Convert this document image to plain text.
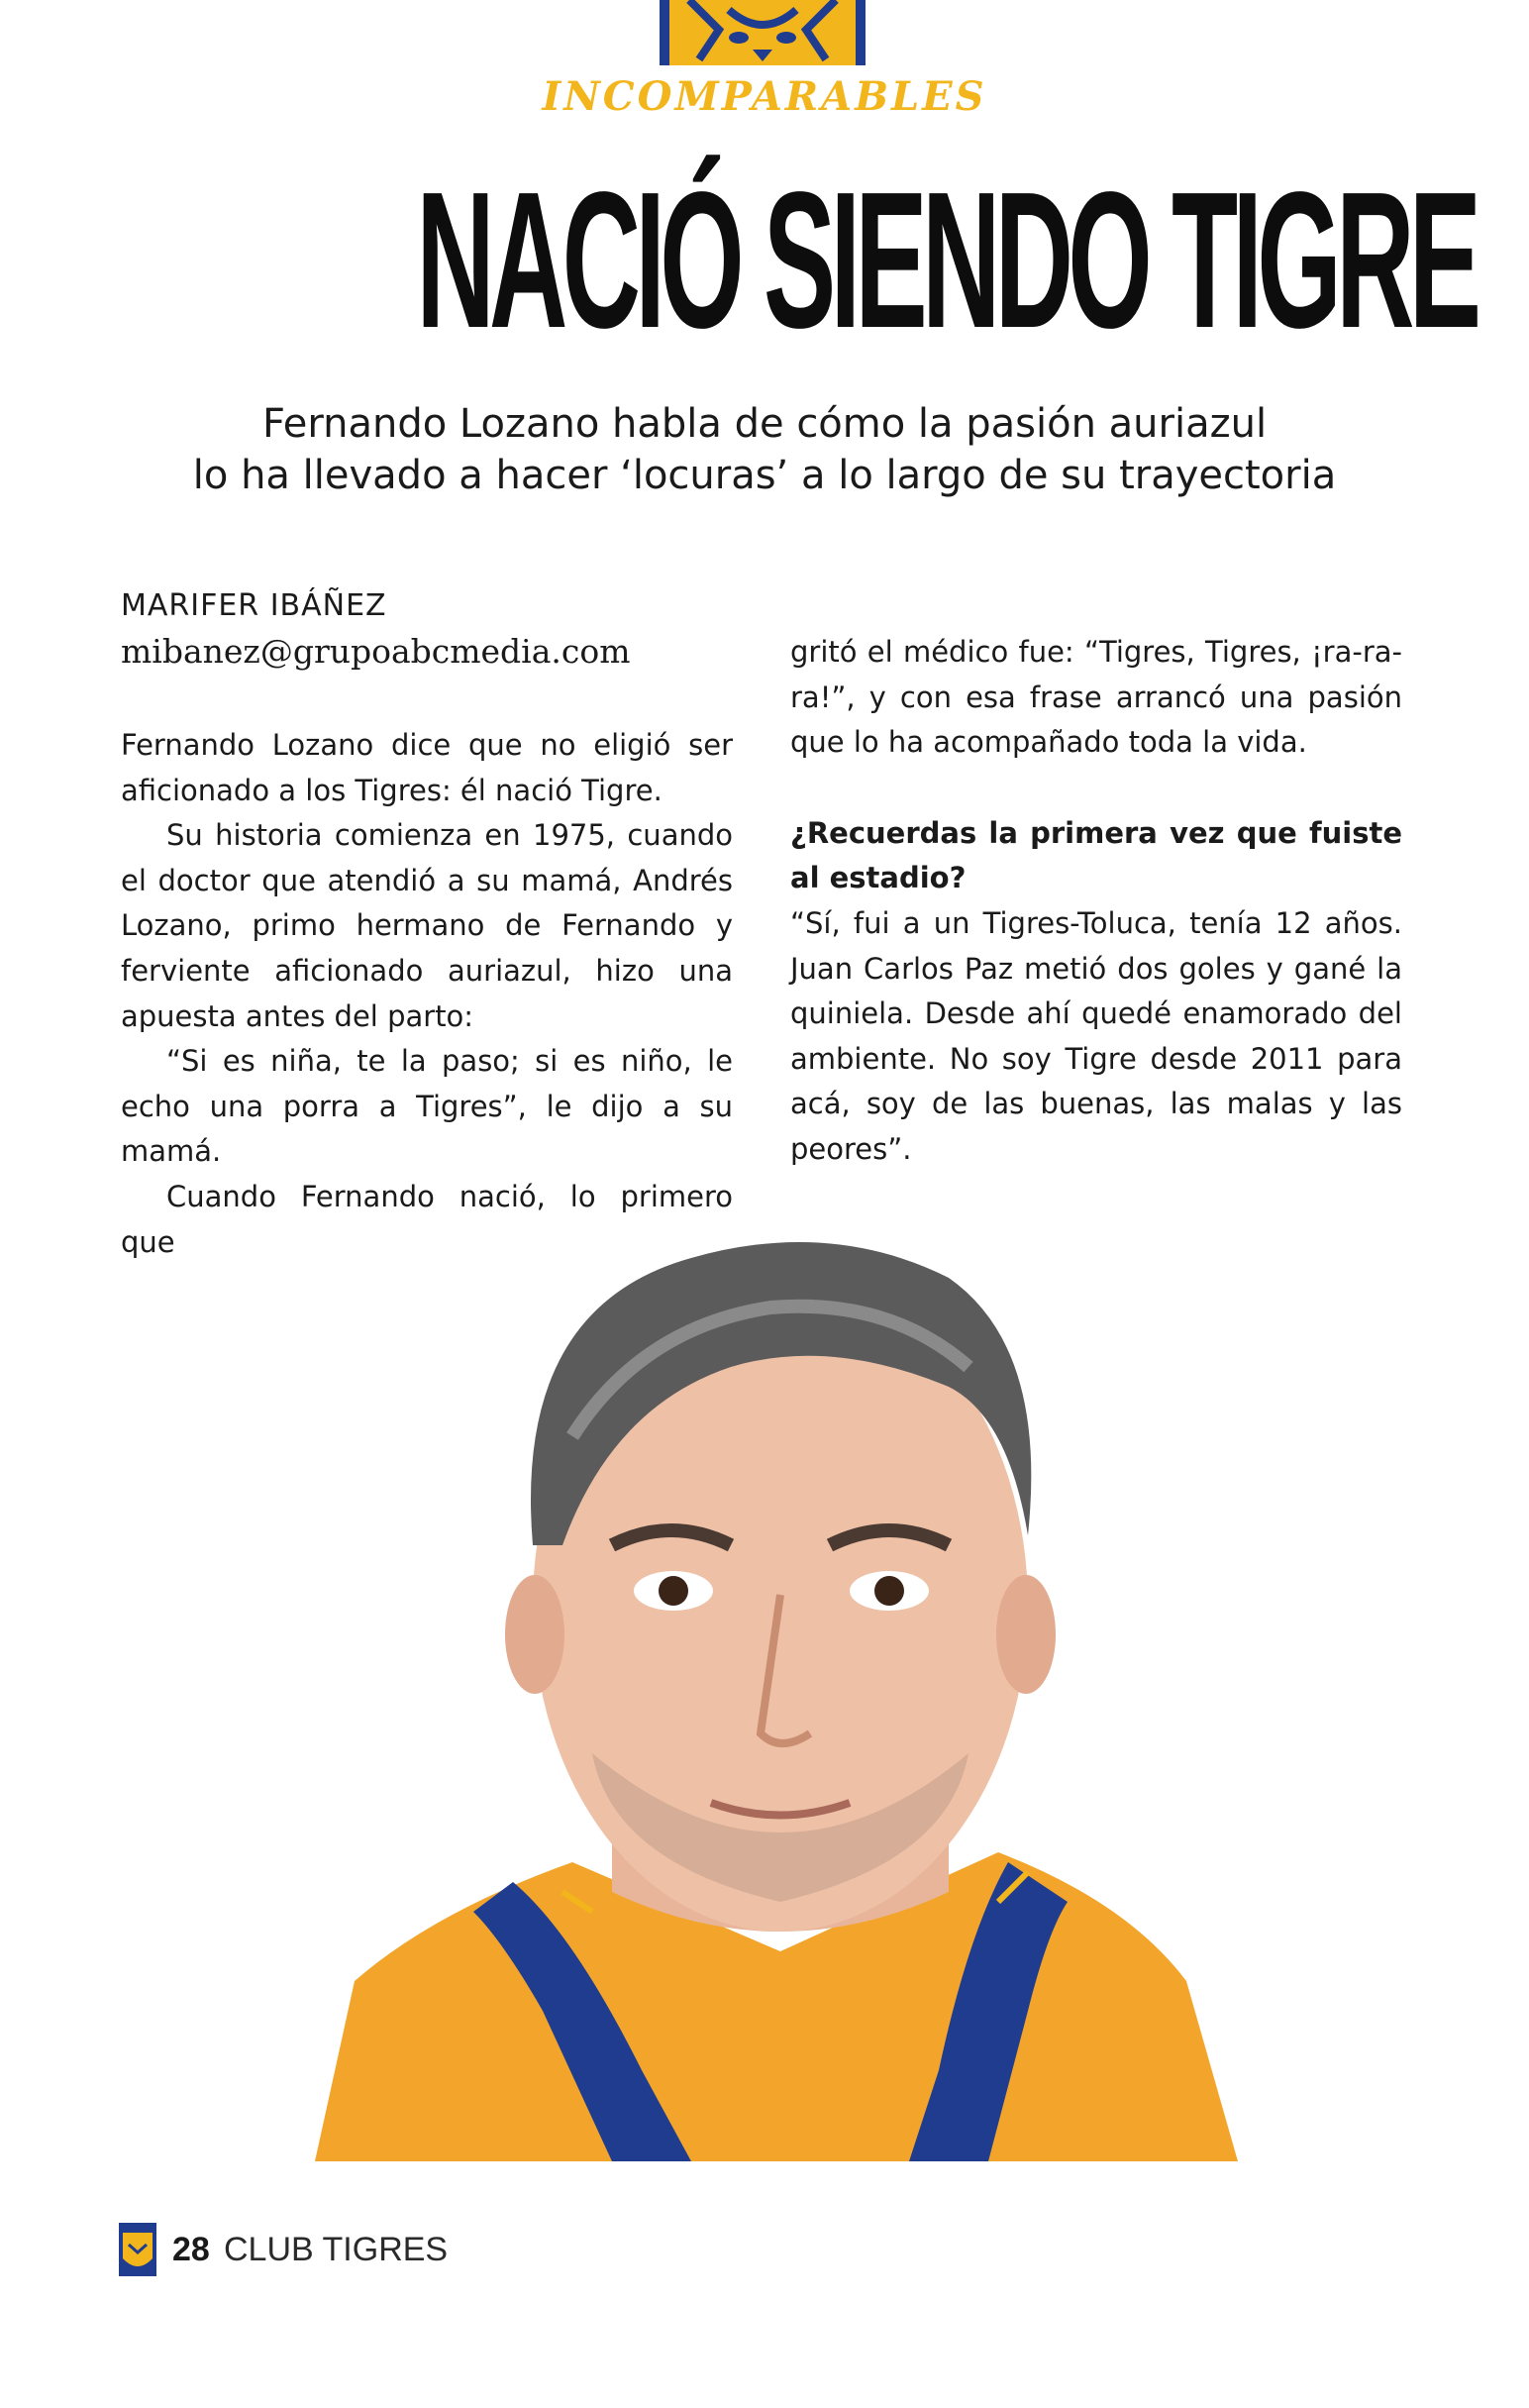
INCOMPARABLES
NACIÓ SIENDO TIGRE
Fernando Lozano habla de cómo la pasión auriazul
lo ha llevado a hacer ‘locuras’ a lo largo de su trayectoria
MARIFER IBÁÑEZ
mibanez@grupoabcmedia.com

Fernando Lozano dice que no eligió ser aficionado a los Tigres: él nació Tigre.

Su historia comienza en 1975, cuando el doctor que atendió a su mamá, Andrés Lozano, primo hermano de Fernando y ferviente aficionado auriazul, hizo una apuesta antes del parto:

“Si es niña, te la paso; si es niño, le echo una porra a Tigres”, le dijo a su mamá.

Cuando Fernando nació, lo primero que

gritó el médico fue: “Tigres, Tigres, ¡ra-ra-ra!”, y con esa frase arrancó una pasión que lo ha acompañado toda la vida.

¿Recuerdas la primera vez que fuiste al estadio?

“Sí, fui a un Tigres-Toluca, tenía 12 años. Juan Carlos Paz metió dos goles y gané la quiniela. Desde ahí quedé enamorado del ambiente. No soy Tigre desde 2011 para acá, soy de las buenas, las malas y las peores”.

28 CLUB TIGRES
